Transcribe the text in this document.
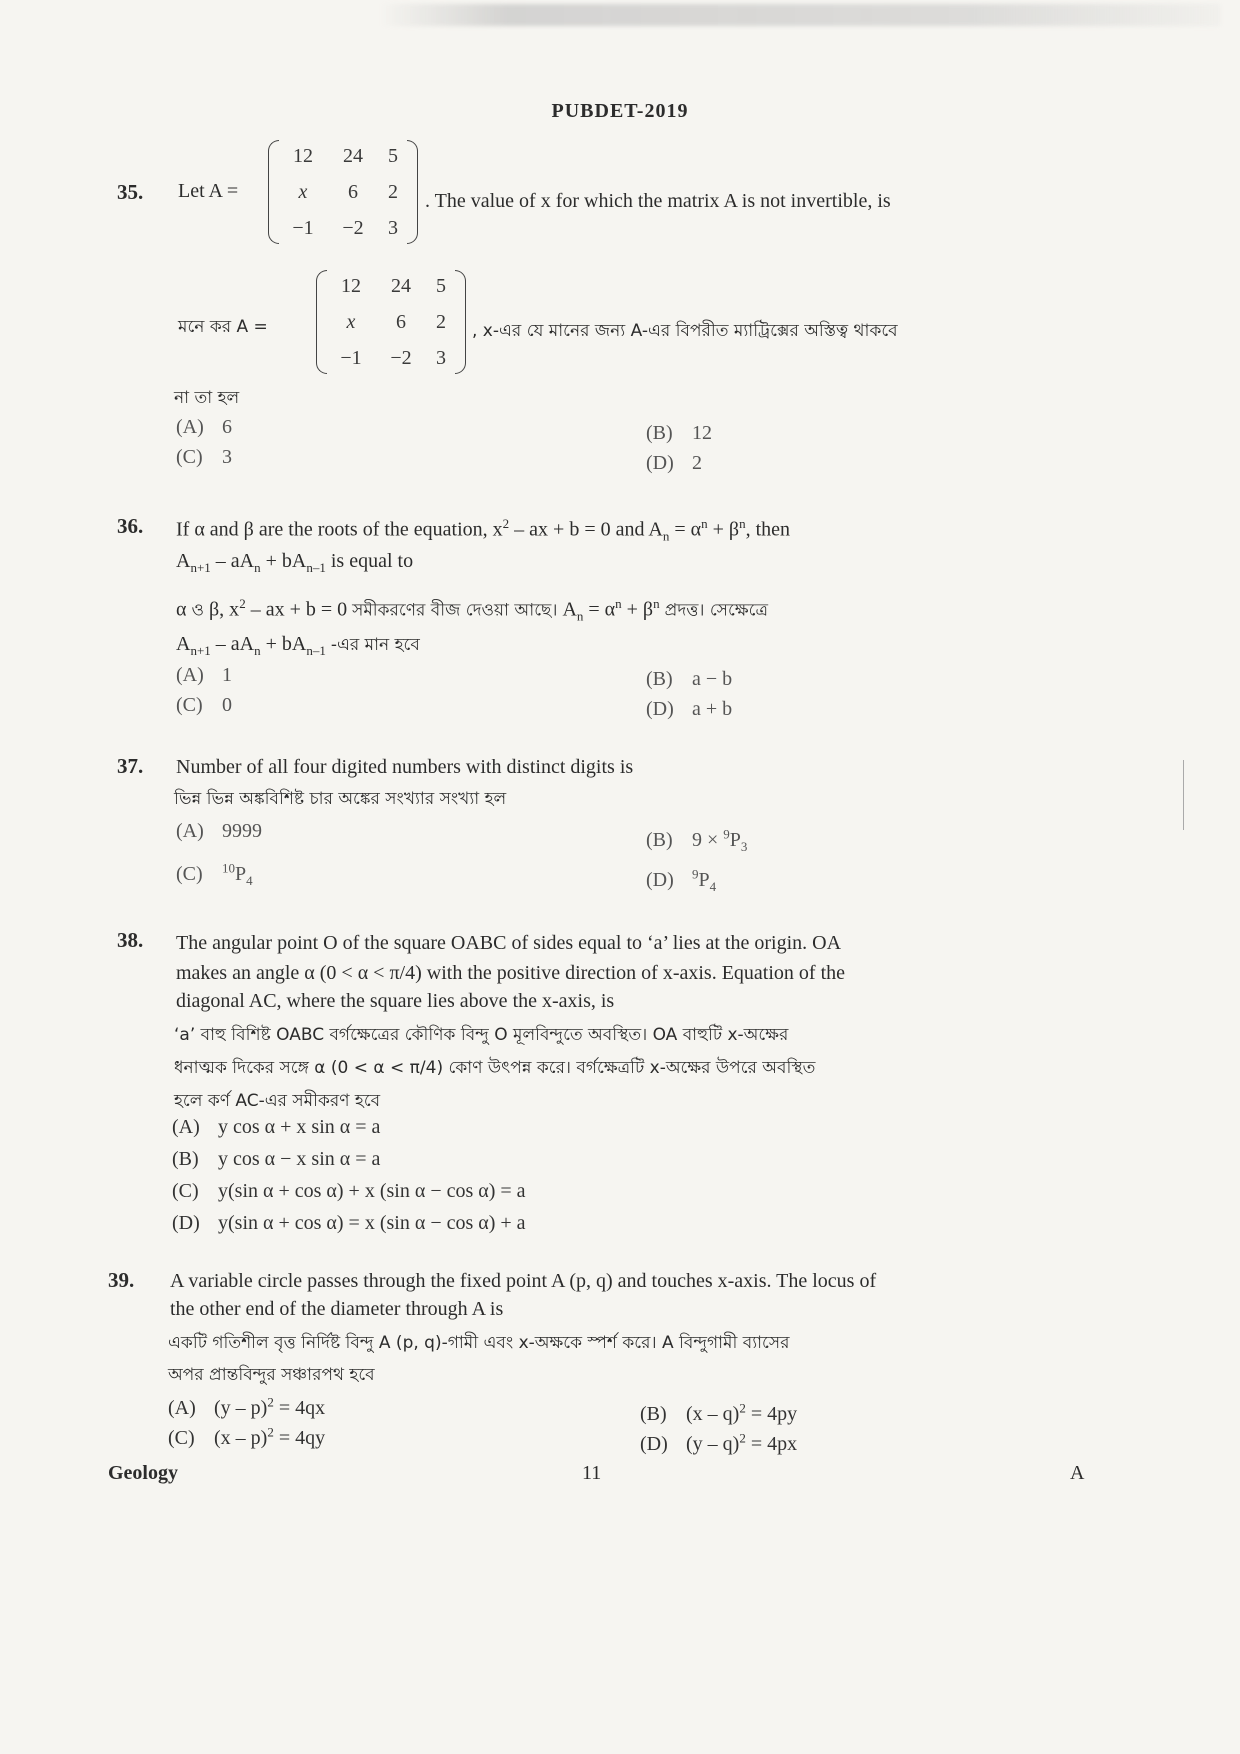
PUBDET-2019
35. Let A =
12	24	5
x	6	2
−1	−2	3
. The value of x for which the matrix A is not invertible, is
মনে কর A =
12	24	5
x	6	2
−1	−2	3
, x-এর যে মানের জন্য A-এর বিপরীত ম্যাট্রিক্সের অস্তিত্ব থাকবে
না তা হল
(A) 6	(B) 12
(C) 3	(D) 2
36. If α and β are the roots of the equation, $x^2$ – ax + b = 0 and $A_n = \alpha^n + \beta^n$, then
$A_{n+1} - aA_n + bA_{n-1}$ is equal to
α ও β, $x^2$ – ax + b = 0 সমীকরণের বীজ দেওয়া আছে। $A_n = \alpha^n + \beta^n$ প্রদত্ত। সেক্ষেত্রে
$A_{n+1} - aA_n + bA_{n-1}$ -এর মান হবে
(A) 1	(B) a − b
(C) 0	(D) a + b
37. Number of all four digited numbers with distinct digits is
ভিন্ন ভিন্ন অঙ্কবিশিষ্ট চার অঙ্কের সংখ্যার সংখ্যা হল
(A) 9999	(B) $9 \times ^9P_3$
(C) $^{10}P_4$	(D) $^9P_4$
38. The angular point O of the square OABC of sides equal to ‘a’ lies at the origin. OA
makes an angle α (0 < α < π/4) with the positive direction of x-axis. Equation of the
diagonal AC, where the square lies above the x-axis, is
‘a’ বাহু বিশিষ্ট OABC বর্গক্ষেত্রের কৌণিক বিন্দু O মূলবিন্দুতে অবস্থিত। OA বাহুটি x-অক্ষের
ধনাত্মক দিকের সঙ্গে α (0 < α < π/4) কোণ উৎপন্ন করে। বর্গক্ষেত্রটি x-অক্ষের উপরে অবস্থিত
হলে কর্ণ AC-এর সমীকরণ হবে
(A) y cos α + x sin α = a
(B) y cos α − x sin α = a
(C) y(sin α + cos α) + x (sin α − cos α) = a
(D) y(sin α + cos α) = x (sin α − cos α) + a
39. A variable circle passes through the fixed point A (p, q) and touches x-axis. The locus of
the other end of the diameter through A is
একটি গতিশীল বৃত্ত নির্দিষ্ট বিন্দু A (p, q)-গামী এবং x-অক্ষকে স্পর্শ করে। A বিন্দুগামী ব্যাসের
অপর প্রান্তবিন্দুর সঞ্চারপথ হবে
(A) (y – p)$^2$ = 4qx	(B) (x – q)$^2$ = 4py
(C) (x – p)$^2$ = 4qy	(D) (y – q)$^2$ = 4px
Geology	11	A
